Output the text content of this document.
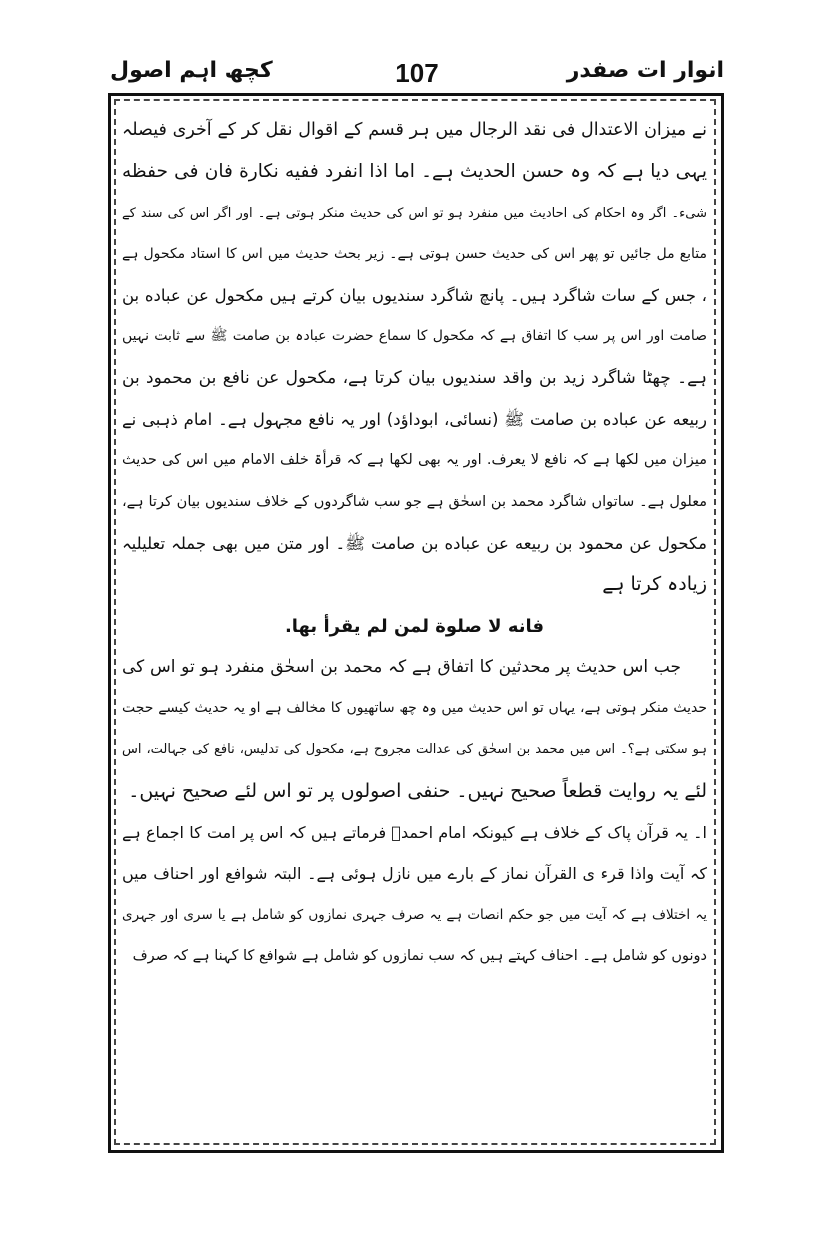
انوار ات صفدر
107
کچھ اہم اصول
نے میزان الاعتدال فی نقد الرجال میں ہر قسم کے اقوال نقل کر کے آخری فیصلہ
یہی دیا ہے کہ وہ حسن الحدیث ہے۔ اما اذا انفرد ففیه نکارة فان فی حفظه
شیء۔ اگر وہ احکام کی احادیث میں منفرد ہو تو اس کی حدیث منکر ہوتی ہے۔ اور اگر اس کی سند کے
متابع مل جائیں تو پھر اس کی حدیث حسن ہوتی ہے۔ زیر بحث حدیث میں اس کا استاد مکحول ہے
، جس کے سات شاگرد ہیں۔ پانچ شاگرد سندیوں بیان کرتے ہیں مکحول عن عباده بن
صامت اور اس پر سب کا اتفاق ہے کہ مکحول کا سماع حضرت عبادہ بن صامت ﷺ سے ثابت نہیں
ہے۔ چھٹا شاگرد زید بن واقد سندیوں بیان کرتا ہے، مکحول عن نافع بن محمود بن
ربیعه عن عباده بن صامت ﷺ (نسائی، ابوداؤد) اور یہ نافع مجہول ہے۔ امام ذہبی نے
میزان میں لکھا ہے کہ نافع لا یعرف. اور یہ بھی لکھا ہے کہ قرأۃ خلف الامام میں اس کی حدیث
معلول ہے۔ ساتواں شاگرد محمد بن اسحٰق ہے جو سب شاگردوں کے خلاف سندیوں بیان کرتا ہے،
مکحول عن محمود بن ربیعه عن عباده بن صامت ﷺ۔ اور متن میں بھی جملہ تعلیلیہ
زیادہ کرتا ہے
فانه لا صلوة لمن لم یقرأ بها.
جب اس حدیث پر محدثین کا اتفاق ہے کہ محمد بن اسحٰق منفرد ہو تو اس کی
حدیث منکر ہوتی ہے، یہاں تو اس حدیث میں وہ چھ ساتھیوں کا مخالف ہے او یہ حدیث کیسے حجت
ہو سکتی ہے؟۔ اس میں محمد بن اسحٰق کی عدالت مجروح ہے، مکحول کی تدلیس، نافع کی جہالت، اس
لئے یہ روایت قطعاً صحیح نہیں۔ حنفی اصولوں پر تو اس لئے صحیح نہیں۔
ا۔ یہ قرآن پاک کے خلاف ہے کیونکہ امام احمدؒ فرماتے ہیں کہ اس پر امت کا اجماع ہے
کہ آیت واذا قرء ی القرآن نماز کے بارے میں نازل ہوئی ہے۔ البتہ شوافع اور احناف میں
یہ اختلاف ہے کہ آیت میں جو حکم انصات ہے یہ صرف جہری نمازوں کو شامل ہے یا سری اور جہری
دونوں کو شامل ہے۔ احناف کہتے ہیں کہ سب نمازوں کو شامل ہے شوافع کا کہنا ہے کہ صرف
